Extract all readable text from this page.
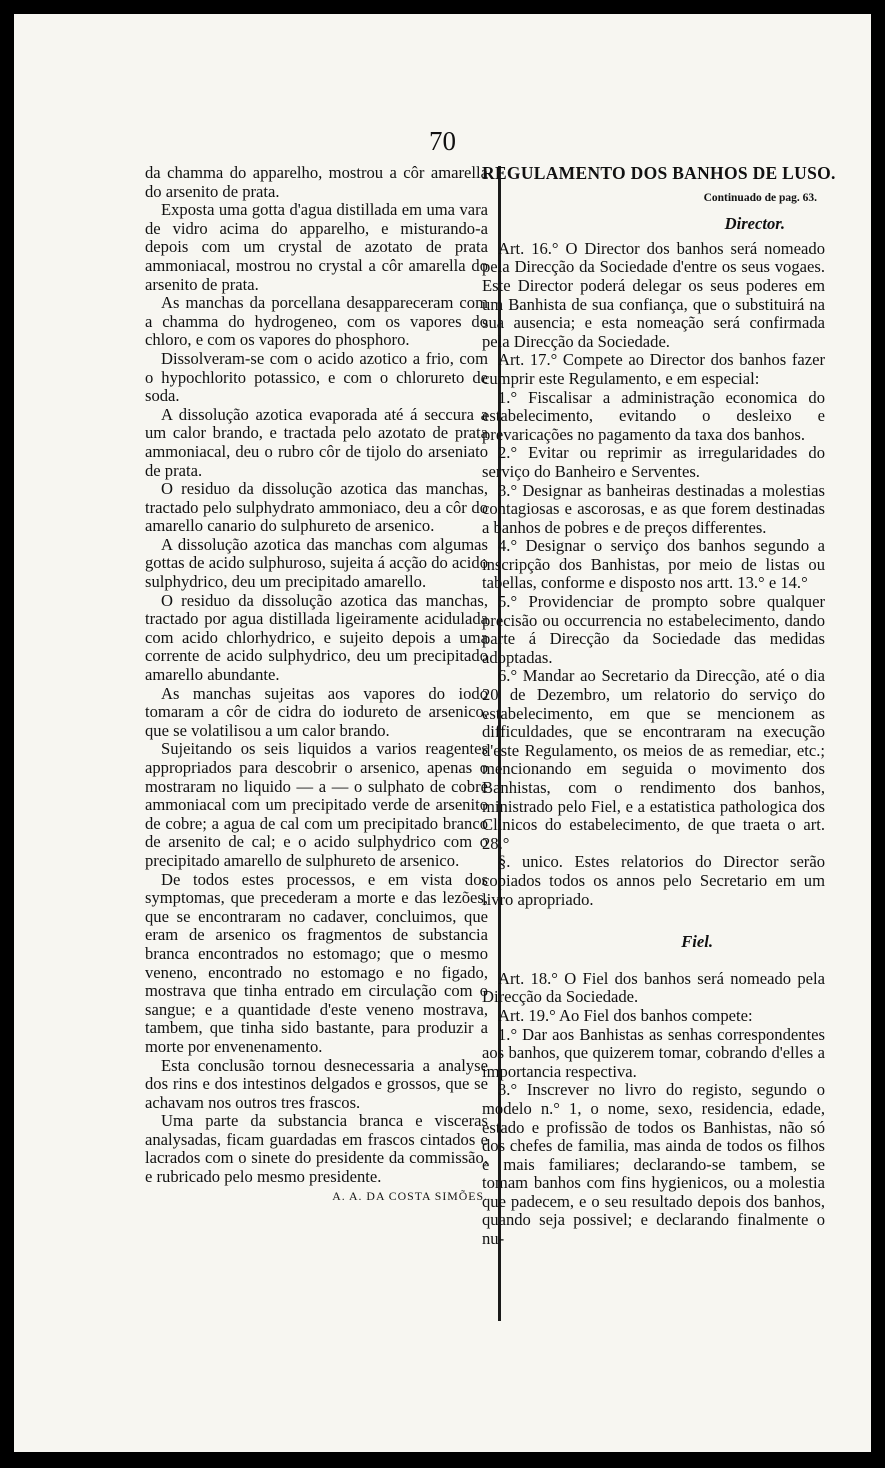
70

da chamma do apparelho, mostrou a côr amarella do arsenito de prata.

Exposta uma gotta d'agua distillada em uma vara de vidro acima do apparelho, e misturando-a depois com um crystal de azotato de prata ammoniacal, mostrou no crystal a côr amarella do arsenito de prata.

As manchas da porcellana desappareceram com a chamma do hydrogeneo, com os vapores do chloro, e com os vapores do phosphoro.

Dissolveram-se com o acido azotico a frio, com o hypochlorito potassico, e com o chlorureto de soda.

A dissolução azotica evaporada até á seccura a um calor brando, e tractada pelo azotato de prata ammoniacal, deu o rubro côr de tijolo do arseniato de prata.

O residuo da dissolução azotica das manchas, tractado pelo sulphydrato ammoniaco, deu a côr do amarello canario do sulphureto de arsenico.

A dissolução azotica das manchas com algumas gottas de acido sulphuroso, sujeita á acção do acido sulphydrico, deu um precipitado amarello.

O residuo da dissolução azotica das manchas, tractado por agua distillada ligeiramente acidulada com acido chlorhydrico, e sujeito depois a uma corrente de acido sulphydrico, deu um precipitado amarello abundante.

As manchas sujeitas aos vapores do iodo tomaram a côr de cidra do iodureto de arsenico, que se volatilisou a um calor brando.

Sujeitando os seis liquidos a varios reagentes appropriados para descobrir o arsenico, apenas o mostraram no liquido — a — o sulphato de cobre ammoniacal com um precipitado verde de arsenito de cobre; a agua de cal com um precipitado branco de arsenito de cal; e o acido sulphydrico com o precipitado amarello de sulphureto de arsenico.

De todos estes processos, e em vista dos symptomas, que precederam a morte e das lezões, que se encontraram no cadaver, concluimos, que eram de arsenico os fragmentos de substancia branca encontrados no estomago; que o mesmo veneno, encontrado no estomago e no figado, mostrava que tinha entrado em circulação com o sangue; e a quantidade d'este veneno mostrava, tambem, que tinha sido bastante, para produzir a morte por envenenamento.

Esta conclusão tornou desnecessaria a analyse dos rins e dos intestinos delgados e grossos, que se achavam nos outros tres frascos.

Uma parte da substancia branca e visceras analysadas, ficam guardadas em frascos cintados e lacrados com o sinete do presidente da commissão, e rubricado pelo mesmo presidente.

A. A. DA COSTA SIMÕES.
REGULAMENTO DOS BANHOS DE LUSO.
Continuado de pag. 63.
Director.

Art. 16.° O Director dos banhos será nomeado pela Direcção da Sociedade d'entre os seus vogaes. Este Director poderá delegar os seus poderes em um Banhista de sua confiança, que o substituirá na sua ausencia; e esta nomeação será confirmada pela Direcção da Sociedade.

Art. 17.° Compete ao Director dos banhos fazer cumprir este Regulamento, e em especial:

1.° Fiscalisar a administração economica do estabelecimento, evitando o desleixo e prevaricações no pagamento da taxa dos banhos.

2.° Evitar ou reprimir as irregularidades do serviço do Banheiro e Serventes.

3.° Designar as banheiras destinadas a molestias contagiosas e ascorosas, e as que forem destinadas a banhos de pobres e de preços differentes.

4.° Designar o serviço dos banhos segundo a inscripção dos Banhistas, por meio de listas ou tabellas, conforme e disposto nos artt. 13.° e 14.°

5.° Providenciar de prompto sobre qualquer precisão ou occurrencia no estabelecimento, dando parte á Direcção da Sociedade das medidas adoptadas.

6.° Mandar ao Secretario da Direcção, até o dia 20 de Dezembro, um relatorio do serviço do estabelecimento, em que se mencionem as difficuldades, que se encontraram na execução d'este Regulamento, os meios de as remediar, etc.; mencionando em seguida o movimento dos Banhistas, com o rendimento dos banhos, ministrado pelo Fiel, e a estatistica pathologica dos Clinicos do estabelecimento, de que traeta o art. 28.°

§. unico. Estes relatorios do Director serão copiados todos os annos pelo Secretario em um livro apropriado.

Fiel.

Art. 18.° O Fiel dos banhos será nomeado pela Direcção da Sociedade.

Art. 19.° Ao Fiel dos banhos compete:

1.° Dar aos Banhistas as senhas correspondentes aos banhos, que quizerem tomar, cobrando d'elles a importancia respectiva.

3.° Inscrever no livro do registo, segundo o modelo n.° 1, o nome, sexo, residencia, edade, estado e profissão de todos os Banhistas, não só dos chefes de familia, mas ainda de todos os filhos e mais familiares; declarando-se tambem, se tomam banhos com fins hygienicos, ou a molestia que padecem, e o seu resultado depois dos banhos, quando seja possivel; e declarando finalmente o nu-
